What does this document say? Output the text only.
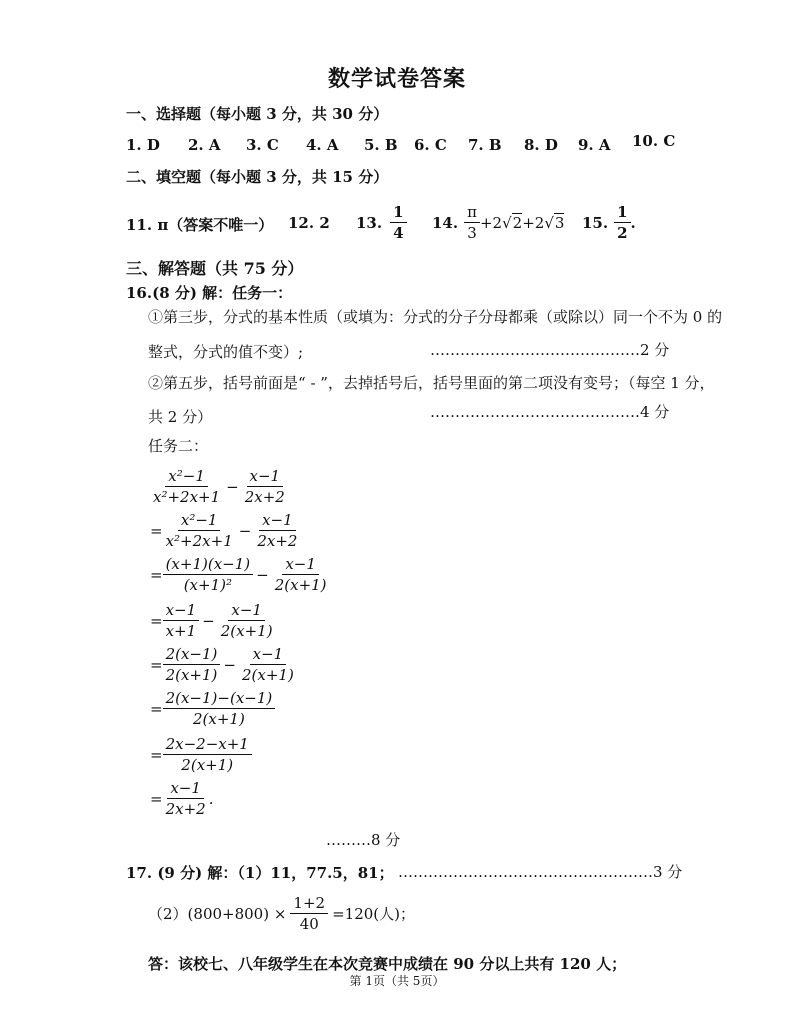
数学试卷答案
一、选择题（每小题 3 分，共 30 分）
1. D 2. A 3. C 4. A 5. B 6. C 7. B 8. D 9. A 10. C
二、填空题（每小题 3 分，共 15 分）
11. π（答案不唯一） 12. 2 13. $\frac{1}{4} 14$. $\frac{\pi}{3} +2$ √ 2 +2 √ 3 15. $\frac{1}{2}$ .
三、解答题（共 75 分）
16.(8 分) 解：任务一：
①第三步，分式的基本性质（或填为：分式的分子分母都乘（或除以）同一个不为 0 的
整式，分式的值不变）;	……………………………………2 分
②第五步，括号前面是“ - ”，去掉括号后，括号里面的第二项没有变号；（每空 1 分，
共 2 分）	……………………………………4 分
任务二：
$\frac{\text{x²−1}}{\text{x²+2x+1}} - \frac{x-1}{2x+2}$
= $\frac{\text{x²−1}}{\text{x²+2x+1}} - \frac{x-1}{2x+2}$
= $\frac{(x+1)(x-1)}{\text{(x+1)²}} - \frac{x-1}{2(x+1)}$
= $\frac{x-1}{x+1} - \frac{x-1}{2(x+1)}$
= $\frac{2(x-1)}{2(x+1)} - \frac{x-1}{2(x+1)}$
= $\frac{2(x-1)-(x-1)}{2(x+1)}$
= $\frac{2x-2-x+1}{2(x+1)}$
= $\frac{x-1}{2x+2}$ .
………8 分
17. (9 分) 解：（1）11，77.5，81； ……………………………………………3 分
$(2)(800+800) \times \frac{1+2}{40} =120$(人)；
答：该校七、八年级学生在本次竞赛中成绩在 90 分以上共有 120 人；
第 1页（共 5页）
